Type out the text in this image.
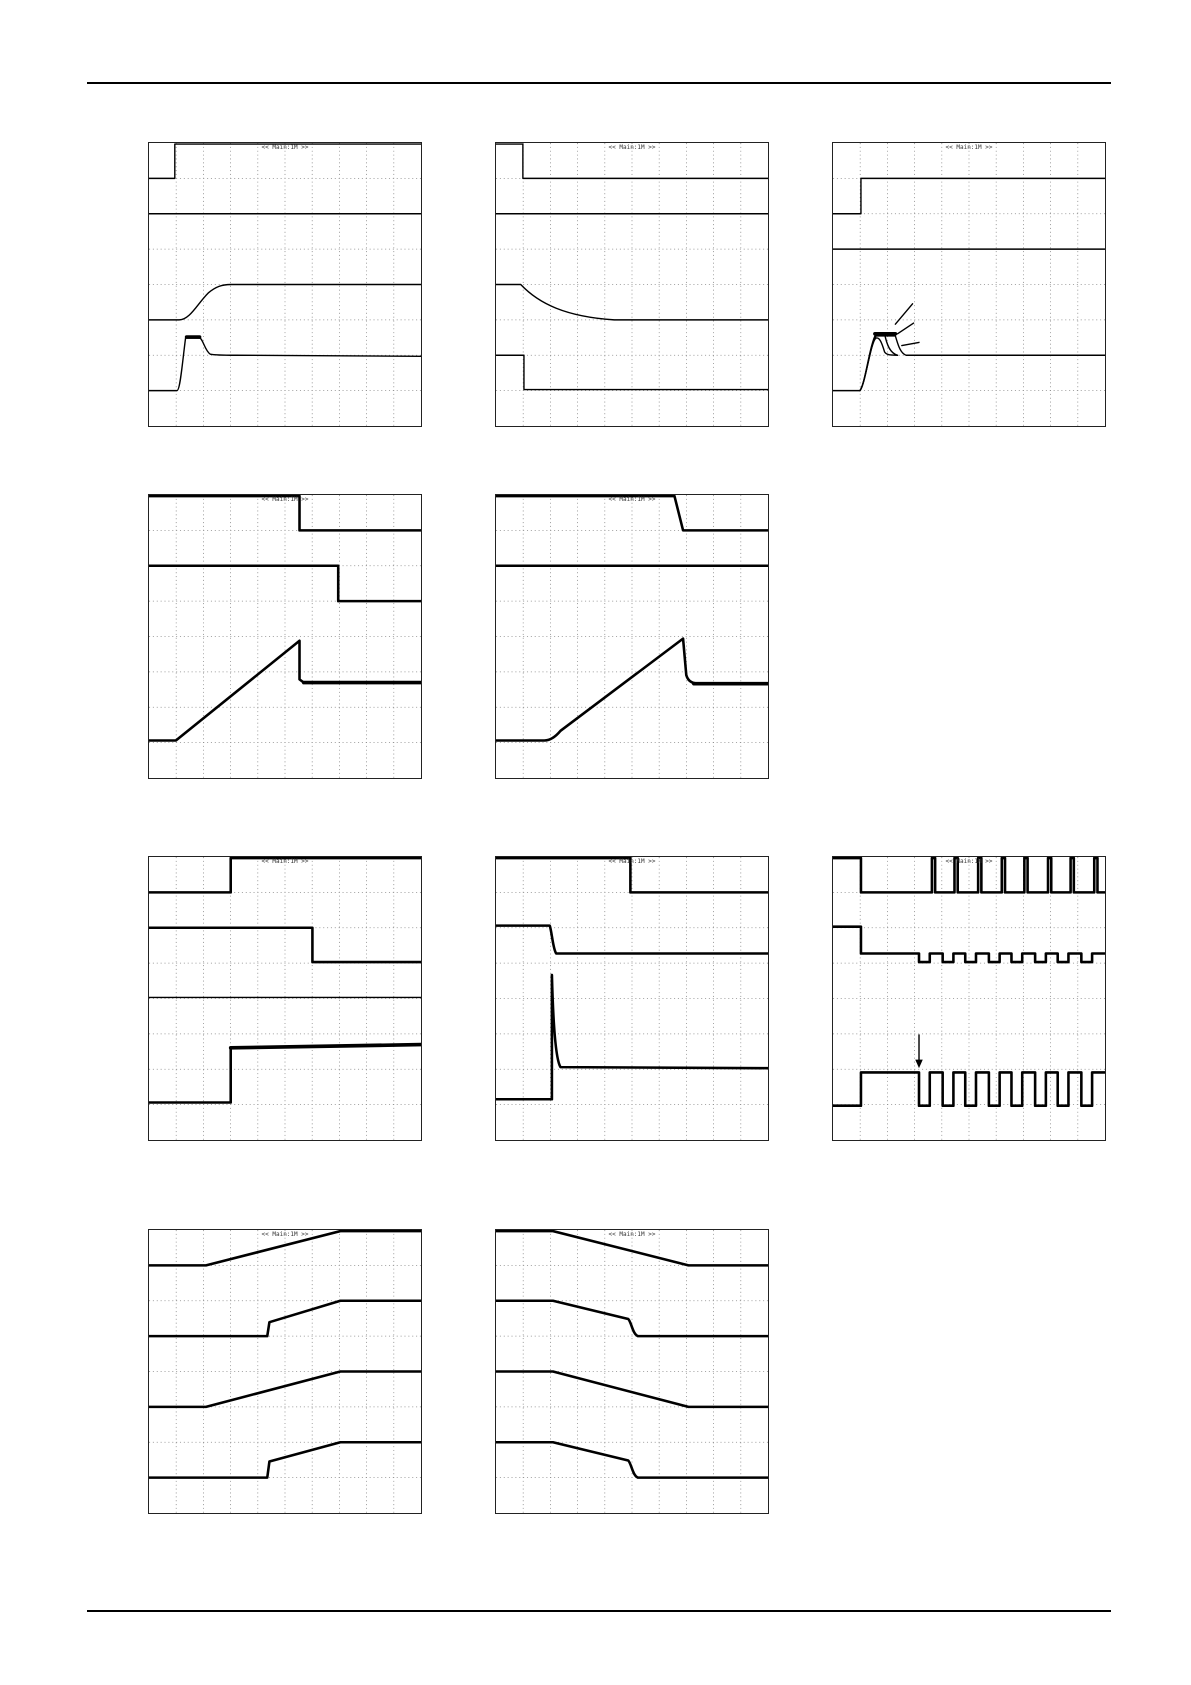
<< Main:1M >>	<< Main:1M >>	<< Main:1M >>
<< Main:1M >>	<< Main:1M >>
<< Main:1M >>	<< Main:1M >>	<< Main:1M >>
<< Main:1M >>	<< Main:1M >>
